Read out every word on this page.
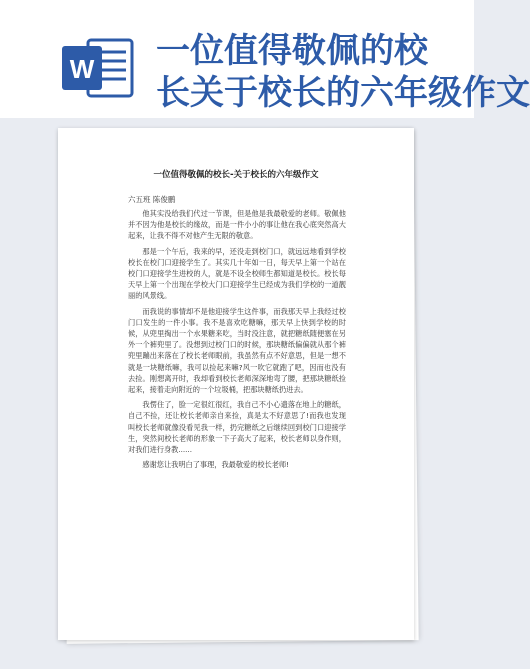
W 一位值得敬佩的校
长关于校长的六年级作文
一位值得敬佩的校长-关于校长的六年级作文
六五班 陈俊鹏

他其实没给我们代过一节课，但是他是我最敬爱的老师。敬佩他并不因为他是校长的缘故，而是一件小小的事让他在我心底突然高大起来，让我不得不对他产生无限的敬意。

那是一个午后，我来的早，还没走到校门口，就远远地看到学校校长在校门口迎接学生了。其实几十年如一日，每天早上第一个站在校门口迎接学生进校的人，就是不设全校师生都知道是校长。校长每天早上第一个出现在学校大门口迎接学生已经成为我们学校的一道靓丽的风景线。

而我说的事情却不是他迎接学生这件事，而我那天早上我经过校门口发生的一件小事。我不是喜欢吃糖嘛，那天早上快到学校的时候，从兜里掏出一个水果糖来吃，当时没注意，就把糖纸随便塞在另外一个裤兜里了。没想到过校门口的时候，那块糖纸偏偏就从那个裤兜里蹦出来落在了校长老师眼前，我虽然有点不好意思，但是一想不就是一块糖纸嘛，我可以捡起来嘛?风一吹它就跑了吧，因而也没有去捡。刚想离开时，我却看到校长老师深深地弯了腰，把那块糖纸捡起来，接着走向附近的一个垃圾桶，把那块糖纸扔进去。

我愣住了，脸一定很红很红，我自己不小心遗落在地上的糖纸，自己不捡，还让校长老师亲自来捡，真是太不好意思了!而我也发现叫校长老师就像没看见我一样，扔完糖纸之后继续回到校门口迎接学生，突然间校长老师的形象一下子高大了起来，校长老师以身作则，对我们进行身教......

感谢您让我明白了事理，我最敬爱的校长老师!
